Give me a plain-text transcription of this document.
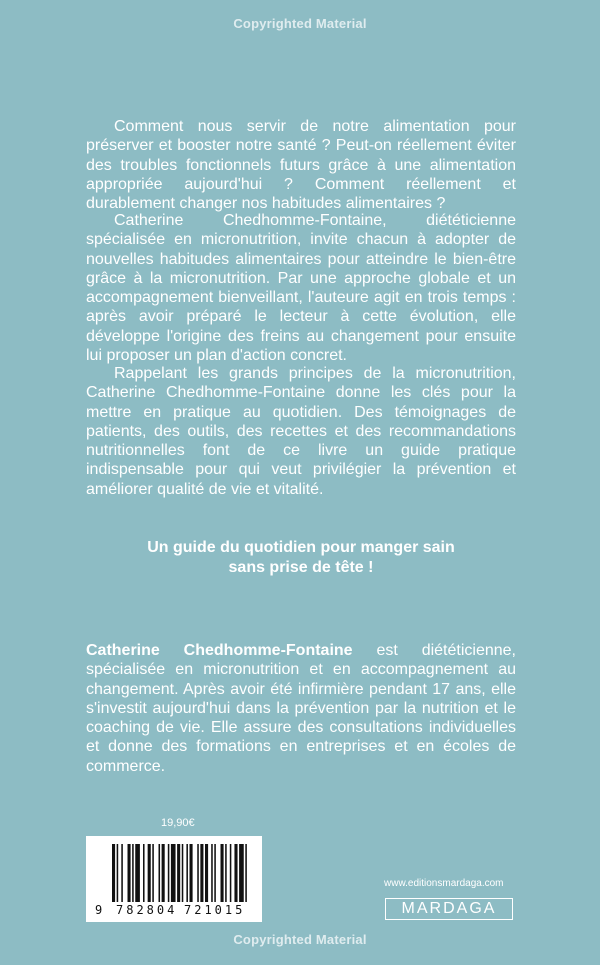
Copyrighted Material

Comment nous servir de notre alimentation pour préserver et booster notre santé ? Peut-on réellement éviter des troubles fonctionnels futurs grâce à une alimentation appropriée aujourd'hui ? Comment réellement et durablement changer nos habitudes alimentaires ?

Catherine Chedhomme-Fontaine, diététicienne spécialisée en micronutrition, invite chacun à adopter de nouvelles habitudes alimentaires pour atteindre le bien-être grâce à la micronutrition. Par une approche globale et un accompagnement bienveillant, l'auteure agit en trois temps : après avoir préparé le lecteur à cette évolution, elle développe l'origine des freins au changement pour ensuite lui proposer un plan d'action concret.

Rappelant les grands principes de la micronutrition, Catherine Chedhomme-Fontaine donne les clés pour la mettre en pratique au quotidien. Des témoignages de patients, des outils, des recettes et des recommandations nutritionnelles font de ce livre un guide pratique indispensable pour qui veut privilégier la prévention et améliorer qualité de vie et vitalité.

Un guide du quotidien pour manger sain
sans prise de tête !

Catherine Chedhomme-Fontaine est diététicienne, spécialisée en micronutrition et en accompagnement au changement. Après avoir été infirmière pendant 17 ans, elle s'investit aujourd'hui dans la prévention par la nutrition et le coaching de vie. Elle assure des consultations individuelles et donne des formations en entreprises et en écoles de commerce.

19,90€
9 782804 721015
www.editionsmardaga.com
MARDAGA
Copyrighted Material
